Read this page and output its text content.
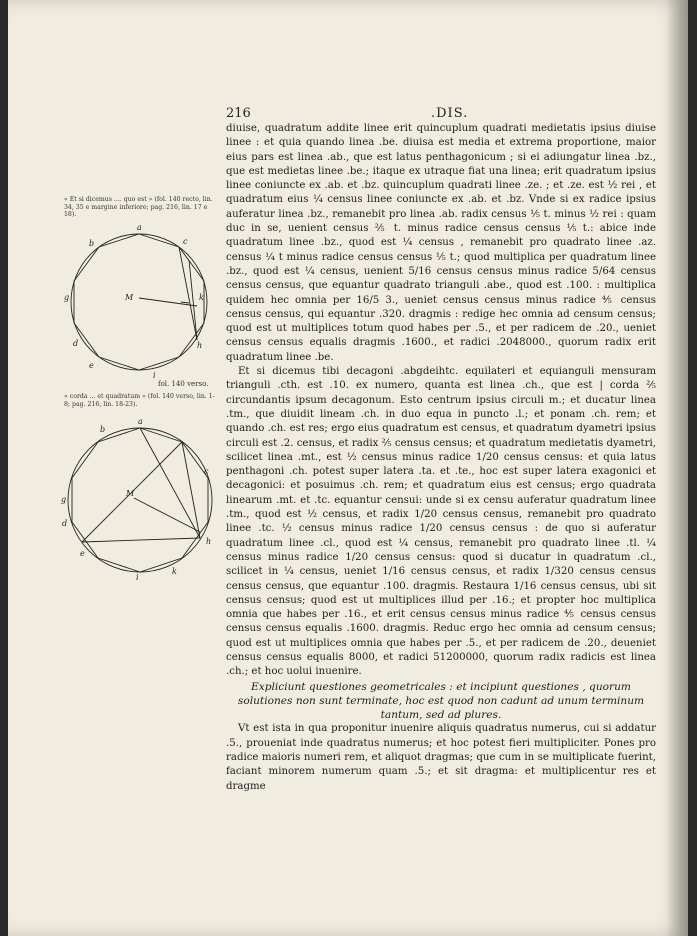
216	.DIS.
« Et si dicemus .... quo est » (fol. 140 recto, lin. 34, 35 e margine inferiore; pag. 216, lin. 17 e 18).
a
b	c
g	M	k
h
d
e
i
fol. 140 verso.
« corda ... et quadratum » (fol. 140 verso, lin. 1-8; pag. 216, lin. 18-23).
b
a
c
g
M
d
e
i
k
h

diuise, quadratum addite linee erit quincuplum quadrati medietatis ipsius diuise linee : et quia quando linea .be. diuisa est media et extrema proportione, maior eius pars est linea .ab., que est latus penthagonicum ; si ei adiungatur linea .bz., que est medietas linee .be.; itaque ex utraque fiat una linea; erit quadratum ipsius linee coniuncte ex .ab. et .bz. quincuplum quadrati linee .ze. ; et .ze. est ½ rei , et quadratum eius ¼ census linee coniuncte ex .ab. et .bz. Vnde si ex radice ipsius auferatur linea .bz., remanebit pro linea .ab. radix census ⅕ t. minus ½ rei : quam duc in se, uenient census ⅖ t. minus radice census census ⅕ t.: abice inde quadratum linee .bz., quod est ¼ census , remanebit pro quadrato linee .az. census ¼ t minus radice census census ⅕ t.; quod multiplica per quadratum linee .bz., quod est ¼ census, uenient 5/16 census census minus radice 5/64 census census census, que equantur quadrato trianguli .abe., quod est .100. : multiplica quidem hec omnia per 16/5 3., ueniet census census minus radice ⅘ census census census, qui equantur .320. dragmis : redige hec omnia ad censum census; quod est ut multiplices totum quod habes per .5., et per radicem de .20., ueniet census census equalis dragmis .1600., et radici .2048000., quorum radix erit quadratum linee .be.

Et si dicemus tibi decagoni .abgdeihtc. equilateri et equianguli mensuram trianguli .cth. est .10. ex numero, quanta est linea .ch., que est | corda ⅖ circundantis ipsum decagonum. Esto centrum ipsius circuli m.; et ducatur linea .tm., que diuidit lineam .ch. in duo equa in puncto .l.; et ponam .ch. rem; et quando .ch. est res; ergo eius quadratum est census, et quadratum dyametri ipsius circuli est .2. census, et radix ⅖ census census; et quadratum medietatis dyametri, scilicet linea .mt., est ½ census minus radice 1/20 census census: et quia latus penthagoni .ch. potest super latera .ta. et .te., hoc est super latera exagonici et decagonici: et posuimus .ch. rem; et quadratum eius est census; ergo quadrata linearum .mt. et .tc. equantur censui: unde si ex censu auferatur quadratum linee .tm., quod est ½ census, et radix 1/20 census census, remanebit pro quadrato linee .tc. ½ census minus radice 1/20 census census : de quo si auferatur quadratum linee .cl., quod est ¼ census, remanebit pro quadrato linee .tl. ¼ census minus radice 1/20 census census: quod si ducatur in quadratum .cl., scilicet in ¼ census, ueniet 1/16 census census, et radix 1/320 census census census census, que equantur .100. dragmis. Restaura 1/16 census census, ubi sit census census; quod est ut multiplices illud per .16.; et propter hoc multiplica omnia que habes per .16., et erit census census minus radice ⅘ census census census census equalis .1600. dragmis. Reduc ergo hec omnia ad censum census; quod est ut multiplices omnia que habes per .5., et per radicem de .20., deueniet census census equalis 8000, et radici 51200000, quorum radix radicis est linea .ch.; et hoc uolui inuenire.

Expliciunt questiones geometricales : et incipiunt questiones , quorum solutiones non sunt terminate, hoc est quod non cadunt ad unum terminum tantum, sed ad plures.

Vt est ista in qua proponitur inuenire aliquis quadratus numerus, cui si addatur .5., proueniat inde quadratus numerus; et hoc potest fieri multipliciter. Pones pro radice maioris numeri rem, et aliquot dragmas; que cum in se multiplicate fuerint, faciant minorem numerum quam .5.; et sit dragma: et multiplicentur res et dragme
